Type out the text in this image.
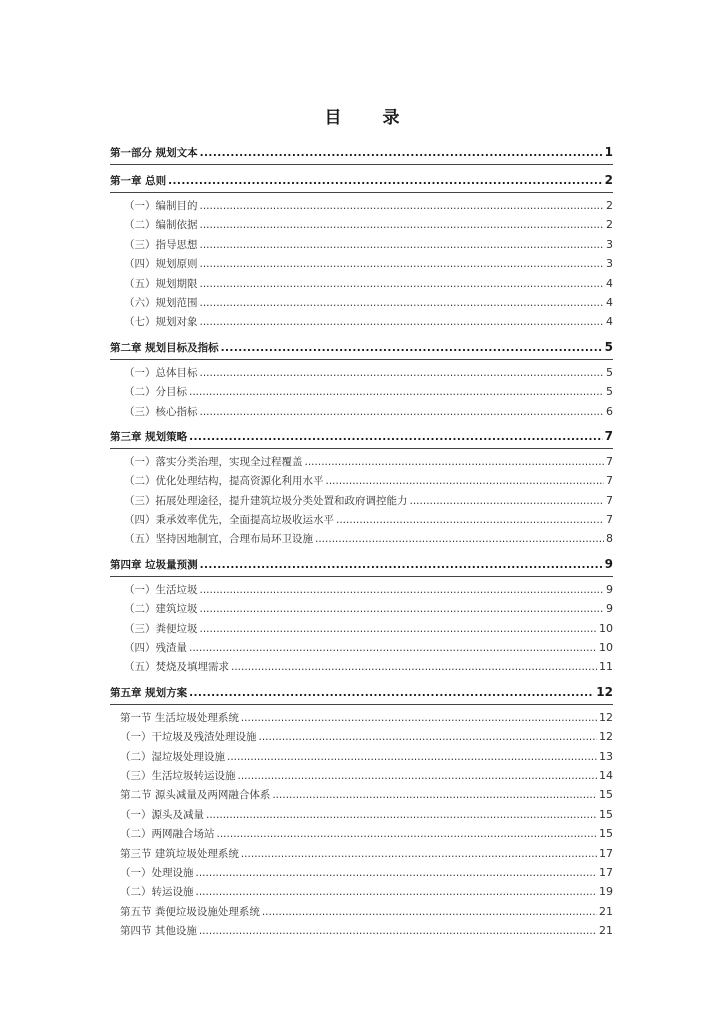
目　录
第一部分 规划文本 .....	1
第一章 总则 .....	2
（一）编制目的 .....	2
（二）编制依据 .....	2
（三）指导思想 .....	3
（四）规划原则 .....	3
（五）规划期限 .....	4
（六）规划范围 .....	4
（七）规划对象 .....	4
第二章 规划目标及指标 .....	5
（一）总体目标 .....	5
（二）分目标 .....	5
（三）核心指标 .....	6
第三章 规划策略 .....	7
（一）落实分类治理，实现全过程覆盖 .....	7
（二）优化处理结构，提高资源化利用水平 .....	7
（三）拓展处理途径，提升建筑垃圾分类处置和政府调控能力 .....	7
（四）秉承效率优先，全面提高垃圾收运水平 .....	7
（五）坚持因地制宜，合理布局环卫设施 .....	8
第四章 垃圾量预测 .....	9
（一）生活垃圾 .....	9
（二）建筑垃圾 .....	9
（三）粪便垃圾 .....	10
（四）残渣量 .....	10
（五）焚烧及填埋需求 .....	11
第五章 规划方案 .....	12
第一节 生活垃圾处理系统 .....	12
（一）干垃圾及残渣处理设施 .....	12
（二）湿垃圾处理设施 .....	13
（三）生活垃圾转运设施 .....	14
第二节 源头减量及两网融合体系 .....	15
（一）源头及减量 .....	15
（二）两网融合场站 .....	15
第三节 建筑垃圾处理系统 .....	17
（一）处理设施 .....	17
（二）转运设施 .....	19
第五节 粪便垃圾设施处理系统 .....	21
第四节 其他设施 .....	21
